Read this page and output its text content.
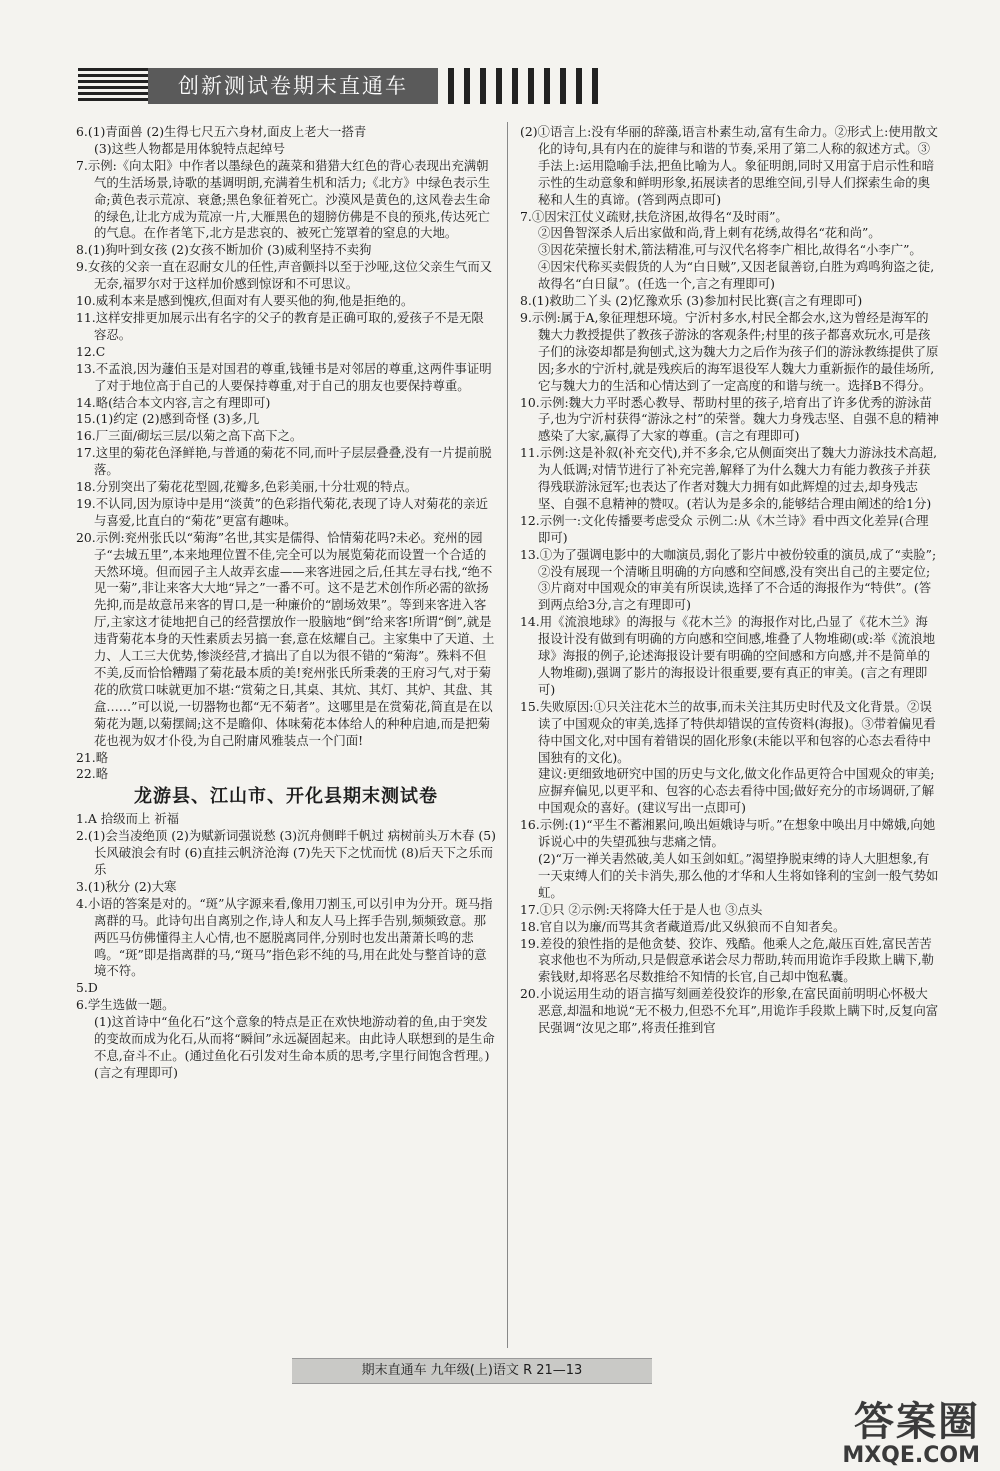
创新测试卷期末直通车

6.(1)青面兽 (2)生得七尺五六身材,面皮上老大一搭青
(3)这些人物都是用体貌特点起绰号

7.示例:《向太阳》中作者以墨绿色的蔬菜和猎猎大红色的背心表现出充满朝气的生活场景,诗歌的基调明朗,充满着生机和活力;《北方》中绿色表示生命;黄色表示荒凉、衰惫;黑色象征着死亡。沙漠风是黄色的,这风卷去生命的绿色,让北方成为荒凉一片,大雁黑色的翅膀仿佛是不良的预兆,传达死亡的气息。在作者笔下,北方是悲哀的、被死亡笼罩着的窒息的大地。

8.(1)狗叶到女孩 (2)女孩不断加价 (3)威利坚持不卖狗

9.女孩的父亲一直在忍耐女儿的任性,声音颤抖以至于沙哑,这位父亲生气而又无奈,福罗尔对于这样加价感到惊讶和不可思议。

10.威利本来是感到愧疚,但面对有人要买他的狗,他是拒绝的。

11.这样安排更加展示出有名字的父子的教育是正确可取的,爱孩子不是无限容忍。

12.C

13.不孟浪,因为蘧伯玉是对国君的尊重,钱锺书是对邻居的尊重,这两件事证明了对于地位高于自己的人要保持尊重,对于自己的朋友也要保持尊重。

14.略(结合本文内容,言之有理即可)

15.(1)约定 (2)感到奇怪 (3)多,几

16.厂三面/砌坛三层/以菊之高下高下之。

17.这里的菊花色泽鲜艳,与普通的菊花不同,而叶子层层叠叠,没有一片提前脱落。

18.分别突出了菊花花型圆,花瓣多,色彩美丽,十分壮观的特点。

19.不认同,因为原诗中是用“淡黄”的色彩指代菊花,表现了诗人对菊花的亲近与喜爱,比直白的“菊花”更富有趣味。

20.示例:兖州张氏以“菊海”名世,其实是儒得、恰情菊花吗?未必。兖州的园子“去城五里”,本来地理位置不佳,完全可以为展览菊花而设置一个合适的天然环境。但而园子主人故弄玄虚——来客进园之后,任其左寻右找,“绝不见一菊”,非让来客大大地“异之”一番不可。这不是艺术创作所必需的欲扬先抑,而是故意吊来客的胃口,是一种廉价的“剧场效果”。等到来客进入客厅,主家这才徒地把自己的经营摆放作一股脑地“倒”给来客!所谓“倒”,就是违背菊花本身的天性素质去另搞一套,意在炫耀自己。主家集中了天道、土力、人工三大优势,惨淡经营,才搞出了自以为很不错的“菊海”。殊料不但不美,反而恰恰糟蹋了菊花最本质的美!兖州张氏所秉袭的王府习气,对于菊花的欣赏口味就更加不堪:“赏菊之日,其桌、其炕、其灯、其炉、其盘、其盒……”可以说,一切器物也都“无不菊者”。这哪里是在赏菊花,简直是在以菊花为题,以菊摆阔;这不是瞻仰、体味菊花本体给人的种种启迪,而是把菊花也视为奴才仆役,为自己附庸风雅装点一个门面!

21.略

22.略

龙游县、江山市、开化县期末测试卷

1.A 拾级而上 祈福

2.(1)会当凌绝顶 (2)为赋新词强说愁 (3)沉舟侧畔千帆过 病树前头万木春 (5)长风破浪会有时 (6)直挂云帆济沧海 (7)先天下之忧而忧 (8)后天下之乐而乐

3.(1)秋分 (2)大寒

4.小语的答案是对的。“斑”从字源来看,像用刀割玉,可以引申为分开。斑马指离群的马。此诗句出自离别之作,诗人和友人马上挥手告别,频频致意。那两匹马仿佛懂得主人心情,也不愿脱离同伴,分别时也发出萧萧长鸣的悲鸣。“斑”即是指离群的马,“斑马”指色彩不纯的马,用在此处与整首诗的意境不符。

5.D

6.学生选做一题。
(1)这首诗中“鱼化石”这个意象的特点是正在欢快地游动着的鱼,由于突发的变故而成为化石,从而将“瞬间”永远凝固起来。由此诗人联想到的是生命不息,奋斗不止。(通过鱼化石引发对生命本质的思考,字里行间饱含哲理。)(言之有理即可)

(2)①语言上:没有华丽的辞藻,语言朴素生动,富有生命力。②形式上:使用散文化的诗句,具有内在的旋律与和谐的节奏,采用了第二人称的叙述方式。③手法上:运用隐喻手法,把鱼比喻为人。象征明朗,同时又用富于启示性和暗示性的生动意象和鲜明形象,拓展读者的思维空间,引导人们探索生命的奥秘和人生的真谛。(答到两点即可)

7.①因宋江仗义疏财,扶危济困,故得名“及时雨”。
②因鲁智深杀人后出家做和尚,背上刺有花绣,故得名“花和尚”。
③因花荣擅长射术,箭法精准,可与汉代名将李广相比,故得名“小李广”。
④因宋代称买卖假货的人为“白日贼”,又因老鼠善窃,白胜为鸡鸣狗盗之徒,故得名“白日鼠”。(任选一个,言之有理即可)

8.(1)救助二丫头 (2)忆豫欢乐 (3)参加村民比赛(言之有理即可)

9.示例:属于A,象征理想环境。宁沂村多水,村民全都会水,这为曾经是海军的魏大力教授提供了教孩子游泳的客观条件;村里的孩子都喜欢玩水,可是孩子们的泳姿却都是狗刨式,这为魏大力之后作为孩子们的游泳教练提供了原因;多水的宁沂村,就是残疾后的海军退役军人魏大力重新振作的最佳场所,它与魏大力的生活和心情达到了一定高度的和谐与统一。选择B不得分。

10.示例:魏大力平时悉心教导、帮助村里的孩子,培育出了许多优秀的游泳苗子,也为宁沂村获得“游泳之村”的荣誉。魏大力身残志坚、自强不息的精神感染了大家,赢得了大家的尊重。(言之有理即可)

11.示例:这是补叙(补充交代),并不多余,它从侧面突出了魏大力游泳技术高超,为人低调;对情节进行了补充完善,解释了为什么魏大力有能力教孩子并获得残联游泳冠军;也表达了作者对魏大力拥有如此辉煌的过去,却身残志坚、自强不息精神的赞叹。(若认为是多余的,能够结合理由阐述的给1分)

12.示例一:文化传播要考虑受众 示例二:从《木兰诗》看中西文化差异(合理即可)

13.①为了强调电影中的大咖演员,弱化了影片中被份较重的演员,成了“卖脸”;②没有展现一个清晰且明确的方向感和空间感,没有突出自己的主要定位;③片商对中国观众的审美有所误读,选择了不合适的海报作为“特供”。(答到两点给3分,言之有理即可)

14.用《流浪地球》的海报与《花木兰》的海报作对比,凸显了《花木兰》海报设计没有做到有明确的方向感和空间感,堆叠了人物堆砌(或:举《流浪地球》海报的例子,论述海报设计要有明确的空间感和方向感,并不是简单的人物堆砌),强调了影片的海报设计很重要,要有真正的审美。(言之有理即可)

15.失败原因:①只关注花木兰的故事,而未关注其历史时代及文化背景。②误读了中国观众的审美,选择了特供却错误的宣传资料(海报)。③带着偏见看待中国文化,对中国有着错误的固化形象(未能以平和包容的心态去看待中国独有的文化)。
建议:更细致地研究中国的历史与文化,做文化作品更符合中国观众的审美;应摒弃偏见,以更平和、包容的心态去看待中国;做好充分的市场调研,了解中国观众的喜好。(建议写出一点即可)

16.示例:(1)“平生不蓄湘累问,唤出姮娥诗与听。”在想象中唤出月中嫦娥,向她诉说心中的失望孤独与悲痛之情。
(2)“万一禅关砉然破,美人如玉剑如虹。”渴望挣脱束缚的诗人大胆想象,有一天束缚人们的关卡消失,那么他的才华和人生将如锋利的宝剑一般气势如虹。

17.①只 ②示例:天将降大任于是人也 ③点头

18.官自以为廉/而骂其贪者藏道焉/此又纵狼而不自知者矣。

19.差役的狼性指的是他贪婪、狡诈、残酷。他乘人之危,敲压百姓,富民苦苦哀求他也不为所动,只是假意承诺会尽力帮助,转而用诡诈手段欺上瞒下,勒索钱财,却将恶名尽数推给不知情的长官,自己却中饱私囊。

20.小说运用生动的语言描写刻画差役狡诈的形象,在富民面前明明心怀极大恶意,却温和地说“无不极力,但恐不允耳”,用诡诈手段欺上瞒下时,反复向富民强调“汝见之耶”,将责任推到官

期末直通车 九年级(上)语文 R 21—13
答案圈
MXQE.COM
